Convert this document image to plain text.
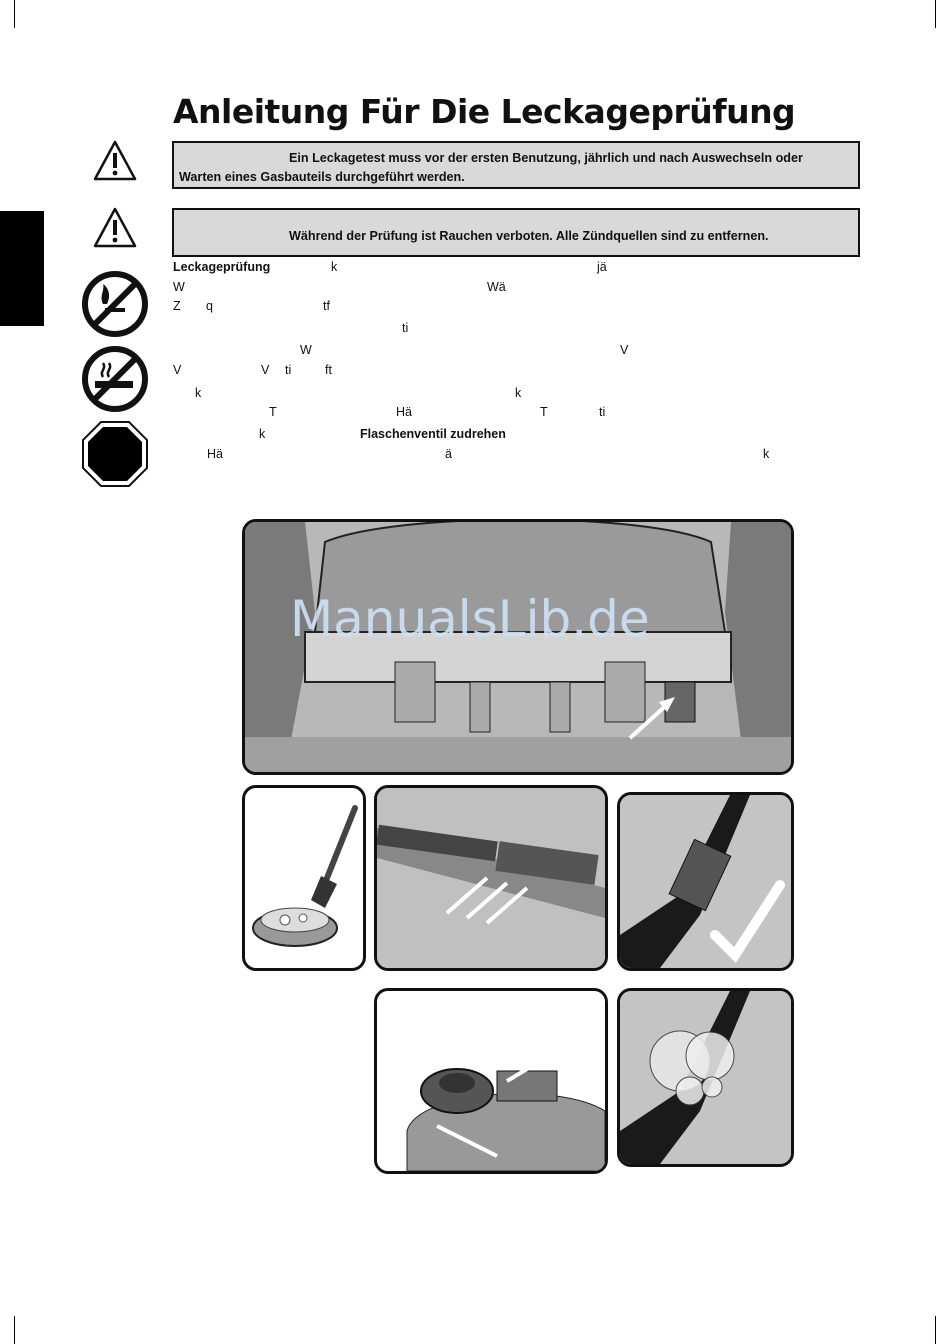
Anleitung Für Die Leckageprüfung
Ein Leckagetest muss vor der ersten Benutzung, jährlich und nach Auswechseln oder
Warten eines Gasbauteils durchgeführt werden.
Während der Prüfung ist Rauchen verboten. Alle Zündquellen sind zu entfernen.
Leckageprüfung	k	jä
W	Wä
Z q	tf
ti
W	V
V	V ti	ft
k	k
T	Hä	T	ti
k	Flaschenventil zudrehen
Hä	ä	k
ManualsLib.de
